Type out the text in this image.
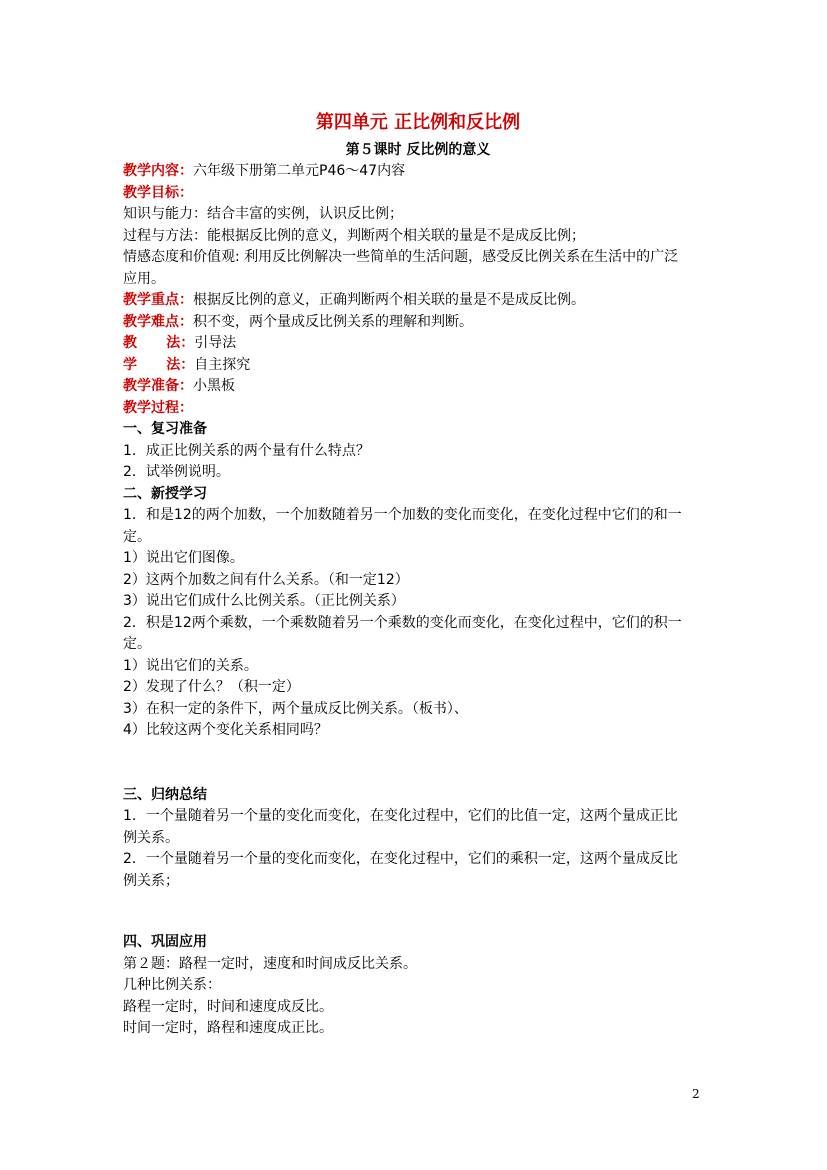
第四单元 正比例和反比例
第５课时 反比例的意义
教学内容：六年级下册第二单元P46～47内容
教学目标：
知识与能力：结合丰富的实例，认识反比例；
过程与方法：能根据反比例的意义，判断两个相关联的量是不是成反比例；
情感态度和价值观: 利用反比例解决一些简单的生活问题，感受反比例关系在生活中的广泛
应用。
教学重点：根据反比例的意义，正确判断两个相关联的量是不是成反比例。
教学难点：积不变，两个量成反比例关系的理解和判断。
教      法：引导法
学      法：自主探究
教学准备：小黑板
教学过程：
一、复习准备
1．成正比例关系的两个量有什么特点？
2．试举例说明。
二、新授学习
1．和是12的两个加数，一个加数随着另一个加数的变化而变化，在变化过程中它们的和一
定。
1）说出它们图像。
2）这两个加数之间有什么关系。（和一定12）
3）说出它们成什么比例关系。（正比例关系）
2．积是12两个乘数，一个乘数随着另一个乘数的变化而变化，在变化过程中，它们的积一
定。
1）说出它们的关系。
2）发现了什么？（积一定）
3）在积一定的条件下，两个量成反比例关系。（板书）、
4）比较这两个变化关系相同吗？
三、归纳总结
1．一个量随着另一个量的变化而变化，在变化过程中，它们的比值一定，这两个量成正比
例关系。
2．一个量随着另一个量的变化而变化，在变化过程中，它们的乘积一定，这两个量成反比
例关系；
四、巩固应用
第２题：路程一定时，速度和时间成反比关系。
几种比例关系：
路程一定时，时间和速度成反比。
时间一定时，路程和速度成正比。
2
